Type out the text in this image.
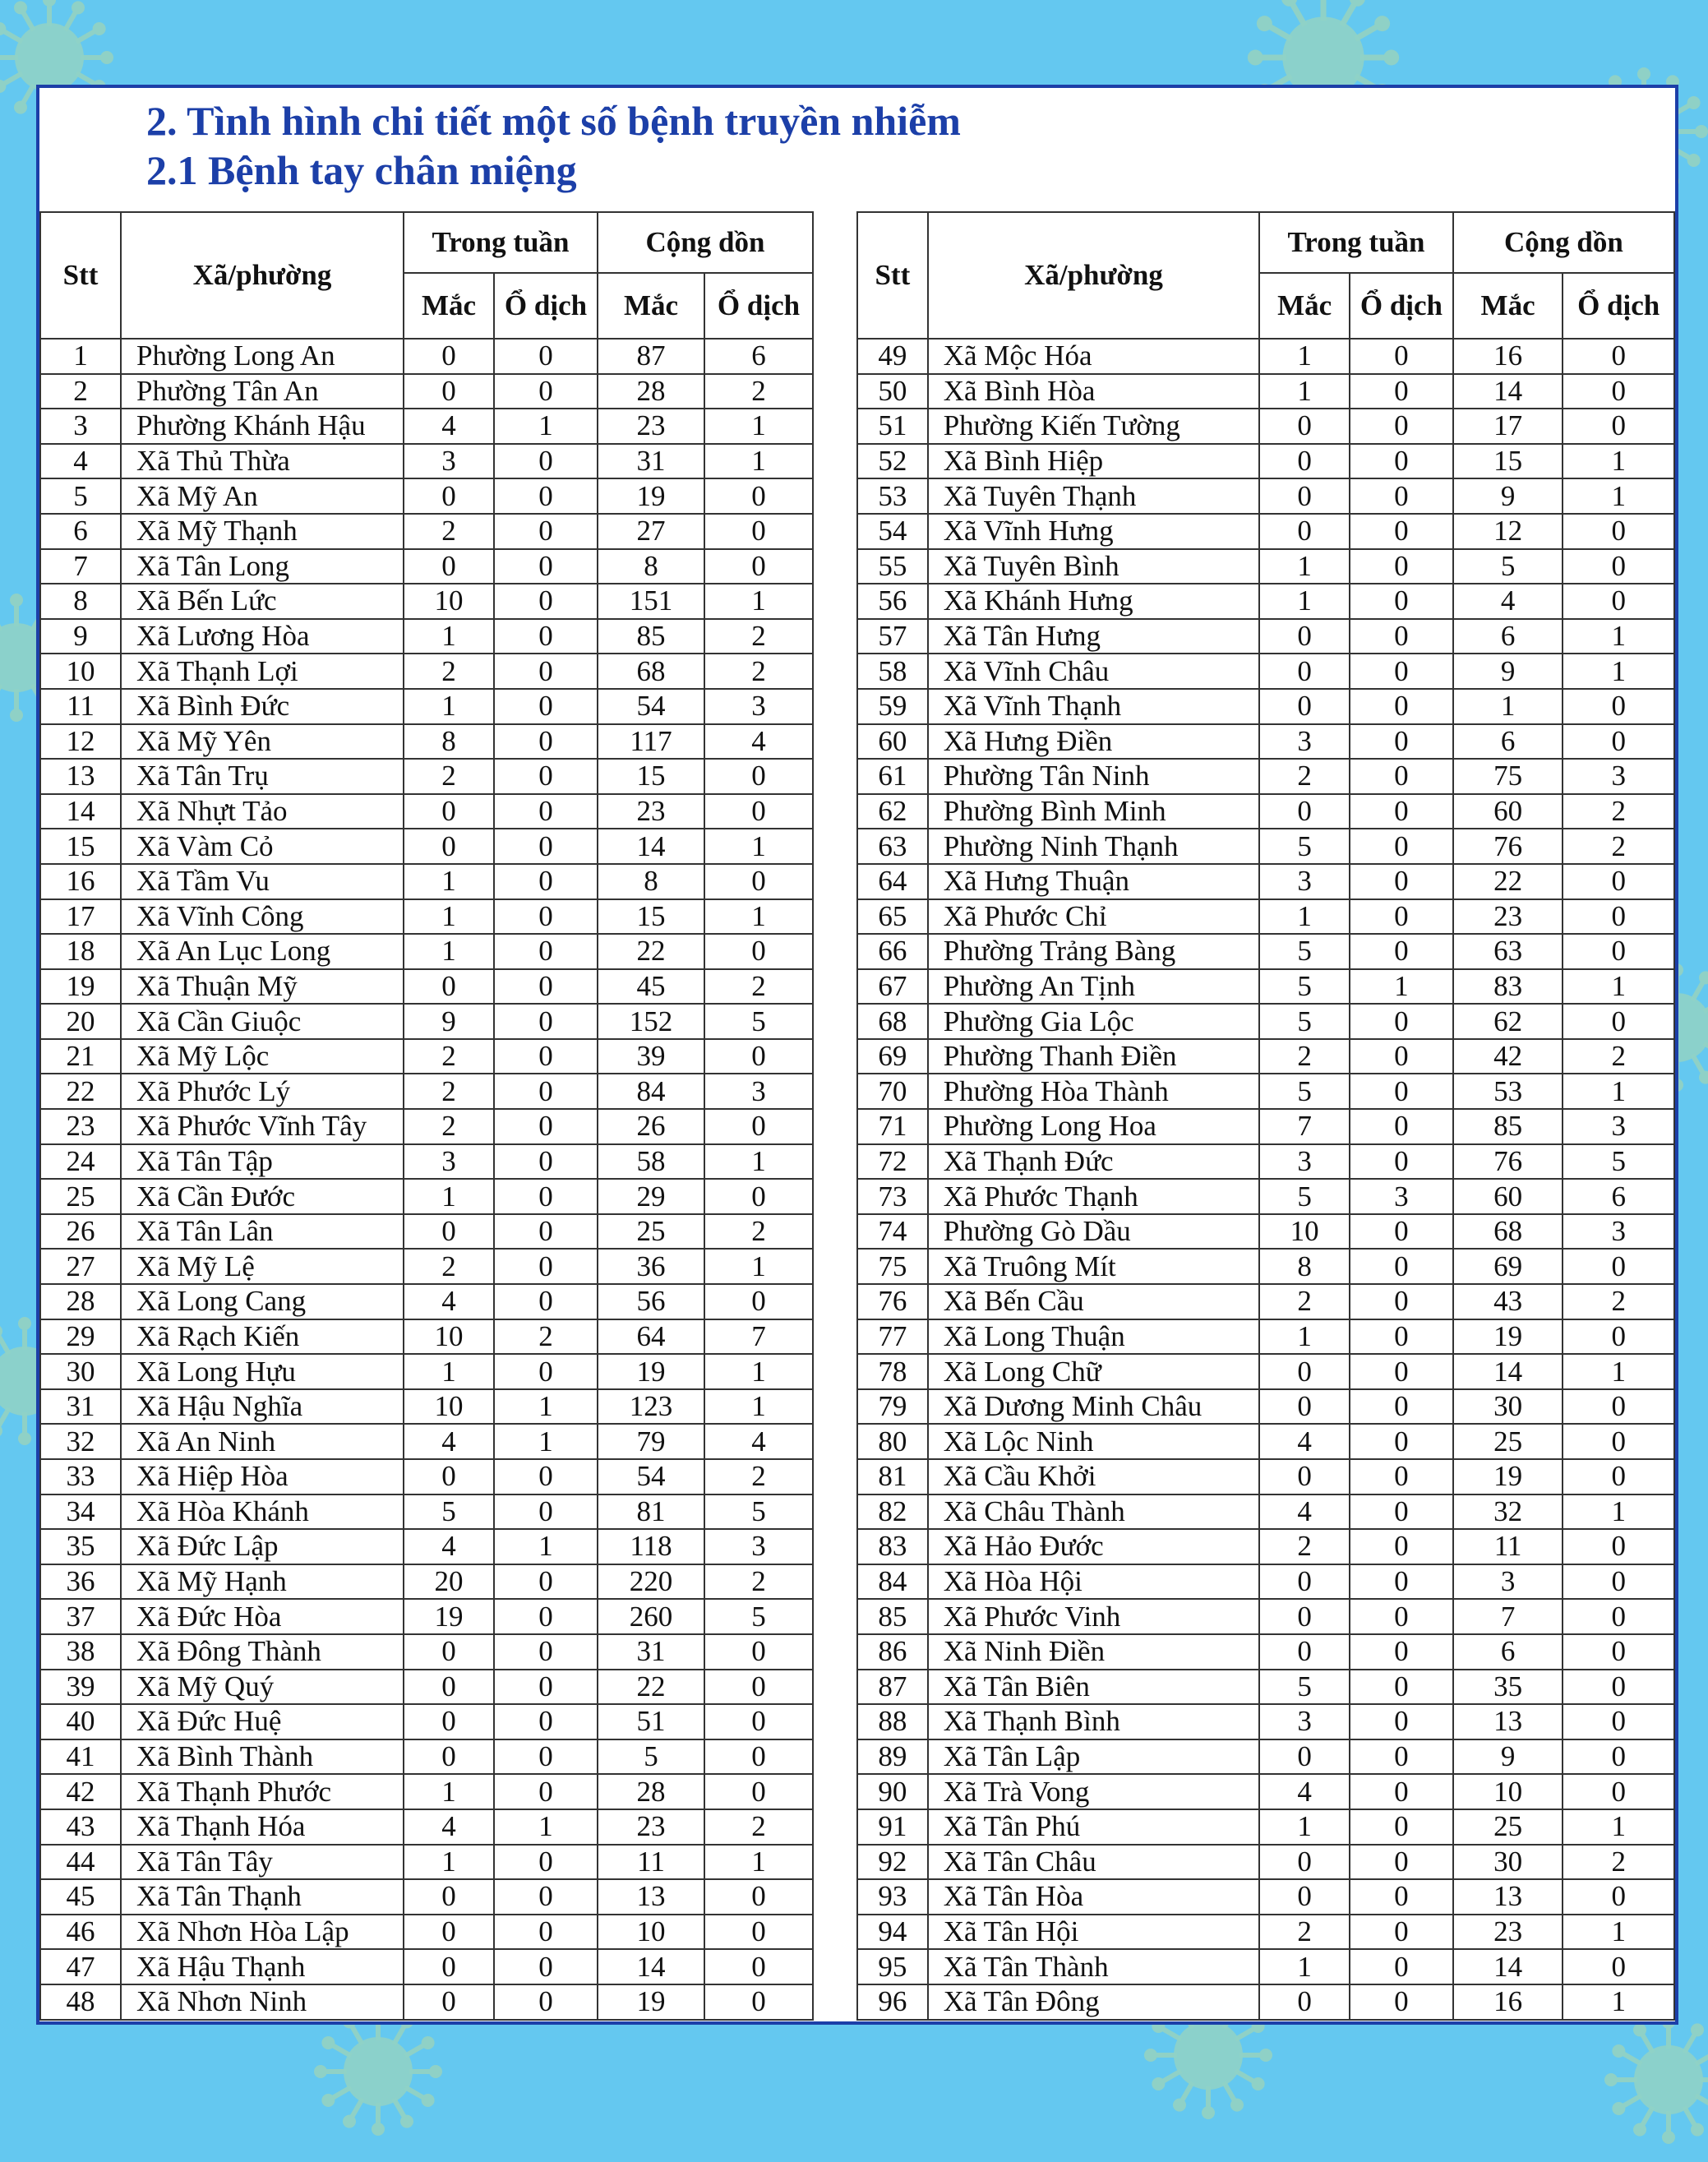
2. Tình hình chi tiết một số bệnh truyền nhiễm
2.1 Bệnh tay chân miệng
Stt	Xã/phường	Trong tuần		Cộng dồn	
		Mắc	Ổ dịch	Mắc	Ổ dịch
1	Phường Long An	0	0	87	6
2	Phường Tân An	0	0	28	2
3	Phường Khánh Hậu	4	1	23	1
4	Xã Thủ Thừa	3	0	31	1
5	Xã Mỹ An	0	0	19	0
6	Xã Mỹ Thạnh	2	0	27	0
7	Xã Tân Long	0	0	8	0
8	Xã Bến Lức	10	0	151	1
9	Xã Lương Hòa	1	0	85	2
10	Xã Thạnh Lợi	2	0	68	2
11	Xã Bình Đức	1	0	54	3
12	Xã Mỹ Yên	8	0	117	4
13	Xã Tân Trụ	2	0	15	0
14	Xã Nhựt Tảo	0	0	23	0
15	Xã Vàm Cỏ	0	0	14	1
16	Xã Tầm Vu	1	0	8	0
17	Xã Vĩnh Công	1	0	15	1
18	Xã An Lục Long	1	0	22	0
19	Xã Thuận Mỹ	0	0	45	2
20	Xã Cần Giuộc	9	0	152	5
21	Xã Mỹ Lộc	2	0	39	0
22	Xã Phước Lý	2	0	84	3
23	Xã Phước Vĩnh Tây	2	0	26	0
24	Xã Tân Tập	3	0	58	1
25	Xã Cần Đước	1	0	29	0
26	Xã Tân Lân	0	0	25	2
27	Xã Mỹ Lệ	2	0	36	1
28	Xã Long Cang	4	0	56	0
29	Xã Rạch Kiến	10	2	64	7
30	Xã Long Hựu	1	0	19	1
31	Xã Hậu Nghĩa	10	1	123	1
32	Xã An Ninh	4	1	79	4
33	Xã Hiệp Hòa	0	0	54	2
34	Xã Hòa Khánh	5	0	81	5
35	Xã Đức Lập	4	1	118	3
36	Xã Mỹ Hạnh	20	0	220	2
37	Xã Đức Hòa	19	0	260	5
38	Xã Đông Thành	0	0	31	0
39	Xã Mỹ Quý	0	0	22	0
40	Xã Đức Huệ	0	0	51	0
41	Xã Bình Thành	0	0	5	0
42	Xã Thạnh Phước	1	0	28	0
43	Xã Thạnh Hóa	4	1	23	2
44	Xã Tân Tây	1	0	11	1
45	Xã Tân Thạnh	0	0	13	0
46	Xã Nhơn Hòa Lập	0	0	10	0
47	Xã Hậu Thạnh	0	0	14	0
48	Xã Nhơn Ninh	0	0	19	0
Stt	Xã/phường	Trong tuần		Cộng dồn	
		Mắc	Ổ dịch	Mắc	Ổ dịch
49	Xã Mộc Hóa	1	0	16	0
50	Xã Bình Hòa	1	0	14	0
51	Phường Kiến Tường	0	0	17	0
52	Xã Bình Hiệp	0	0	15	1
53	Xã Tuyên Thạnh	0	0	9	1
54	Xã Vĩnh Hưng	0	0	12	0
55	Xã Tuyên Bình	1	0	5	0
56	Xã Khánh Hưng	1	0	4	0
57	Xã Tân Hưng	0	0	6	1
58	Xã Vĩnh Châu	0	0	9	1
59	Xã Vĩnh Thạnh	0	0	1	0
60	Xã Hưng Điền	3	0	6	0
61	Phường Tân Ninh	2	0	75	3
62	Phường Bình Minh	0	0	60	2
63	Phường Ninh Thạnh	5	0	76	2
64	Xã Hưng Thuận	3	0	22	0
65	Xã Phước Chỉ	1	0	23	0
66	Phường Trảng Bàng	5	0	63	0
67	Phường An Tịnh	5	1	83	1
68	Phường Gia Lộc	5	0	62	0
69	Phường Thanh Điền	2	0	42	2
70	Phường Hòa Thành	5	0	53	1
71	Phường Long Hoa	7	0	85	3
72	Xã Thạnh Đức	3	0	76	5
73	Xã Phước Thạnh	5	3	60	6
74	Phường Gò Dầu	10	0	68	3
75	Xã Truông Mít	8	0	69	0
76	Xã Bến Cầu	2	0	43	2
77	Xã Long Thuận	1	0	19	0
78	Xã Long Chữ	0	0	14	1
79	Xã Dương Minh Châu	0	0	30	0
80	Xã Lộc Ninh	4	0	25	0
81	Xã Cầu Khởi	0	0	19	0
82	Xã Châu Thành	4	0	32	1
83	Xã Hảo Đước	2	0	11	0
84	Xã Hòa Hội	0	0	3	0
85	Xã Phước Vinh	0	0	7	0
86	Xã Ninh Điền	0	0	6	0
87	Xã Tân Biên	5	0	35	0
88	Xã Thạnh Bình	3	0	13	0
89	Xã Tân Lập	0	0	9	0
90	Xã Trà Vong	4	0	10	0
91	Xã Tân Phú	1	0	25	1
92	Xã Tân Châu	0	0	30	2
93	Xã Tân Hòa	0	0	13	0
94	Xã Tân Hội	2	0	23	1
95	Xã Tân Thành	1	0	14	0
96	Xã Tân Đông	0	0	16	1
